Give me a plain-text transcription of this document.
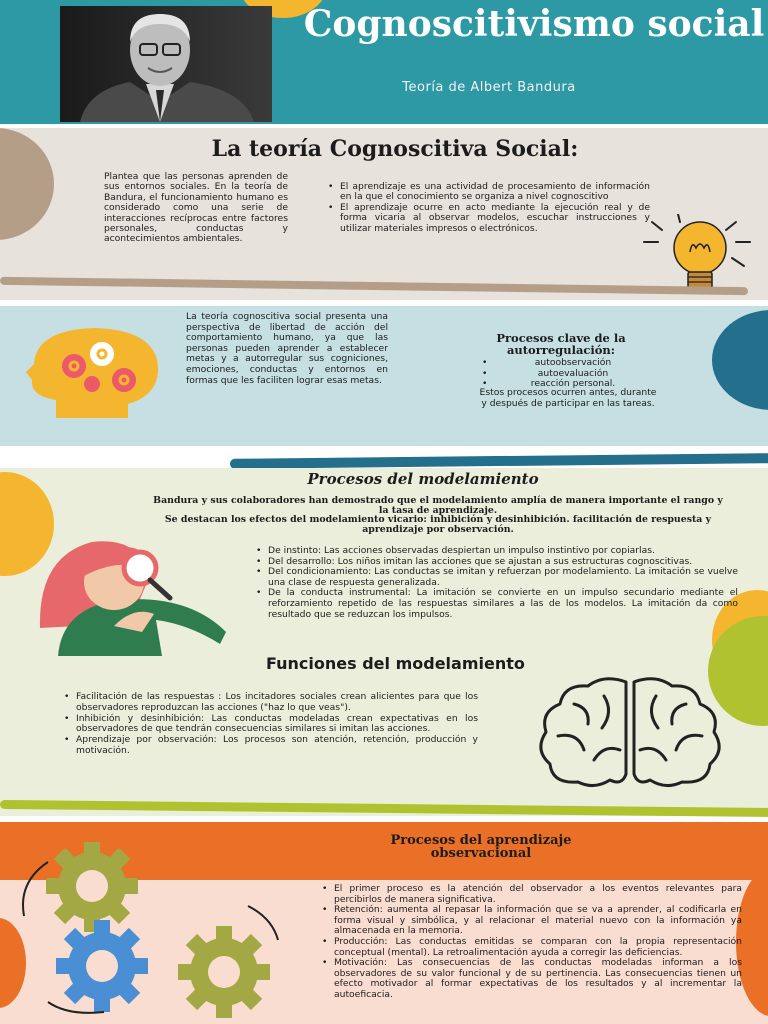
Cognoscitivismo social
Teoría de Albert Bandura
La teoría Cognoscitiva Social:
Plantea que las personas aprenden de sus entornos sociales. En la teoría de Bandura, el funcionamiento humano es considerado como una serie de interacciones recíprocas entre factores personales, conductas y acontecimientos ambientales.
• El aprendizaje es una actividad de procesamiento de información en la que el conocimiento se organiza a nivel cognoscitivo
• El aprendizaje ocurre en acto mediante la ejecución real y de forma vicaria al observar modelos, escuchar instrucciones y utilizar materiales impresos o electrónicos.
La teoría cognoscitiva social presenta una perspectiva de libertad de acción del comportamiento humano, ya que las personas pueden aprender a establecer metas y a autorregular sus cogniciones, emociones, conductas y entornos en formas que les faciliten lograr esas metas.
Procesos clave de la autorregulación:
• autoobservación
• autoevaluación
• reacción personal.
Estos procesos ocurren antes, durante y después de participar en las tareas.
Procesos del modelamiento
Bandura y sus colaboradores han demostrado que el modelamiento amplía de manera importante el rango y la tasa de aprendizaje.
Se destacan los efectos del modelamiento vicario: inhibición y desinhibición. facilitación de respuesta y aprendizaje por observación.
• De instinto: Las acciones observadas despiertan un impulso instintivo por copiarlas.
• Del desarrollo: Los niños imitan las acciones que se ajustan a sus estructuras cognoscitivas.
• Del condicionamiento: Las conductas se imitan y refuerzan por modelamiento. La imitación se vuelve una clase de respuesta generalizada.
• De la conducta instrumental: La imitación se convierte en un impulso secundario mediante el reforzamiento repetido de las respuestas similares a las de los modelos. La imitación da como resultado que se reduzcan los impulsos.
Funciones del modelamiento
• Facilitación de las respuestas : Los incitadores sociales crean alicientes para que los observadores reproduzcan las acciones ("haz lo que veas").
• Inhibición y desinhibición: Las conductas modeladas crean expectativas en los observadores de que tendrán consecuencias similares si imitan las acciones.
• Aprendizaje por observación: Los procesos son atención, retención, producción y motivación.
Procesos del aprendizaje observacional
• El primer proceso es la atención del observador a los eventos relevantes para percibirlos de manera significativa.
• Retención: aumenta al repasar la información que se va a aprender, al codificarla en forma visual y simbólica, y al relacionar el material nuevo con la información ya almacenada en la memoria.
• Producción: Las conductas emitidas se comparan con la propia representación conceptual (mental). La retroalimentación ayuda a corregir las deficiencias.
• Motivación: Las consecuencias de las conductas modeladas informan a los observadores de su valor funcional y de su pertinencia. Las consecuencias tienen un efecto motivador al formar expectativas de los resultados y al incrementar la autoeficacia.
